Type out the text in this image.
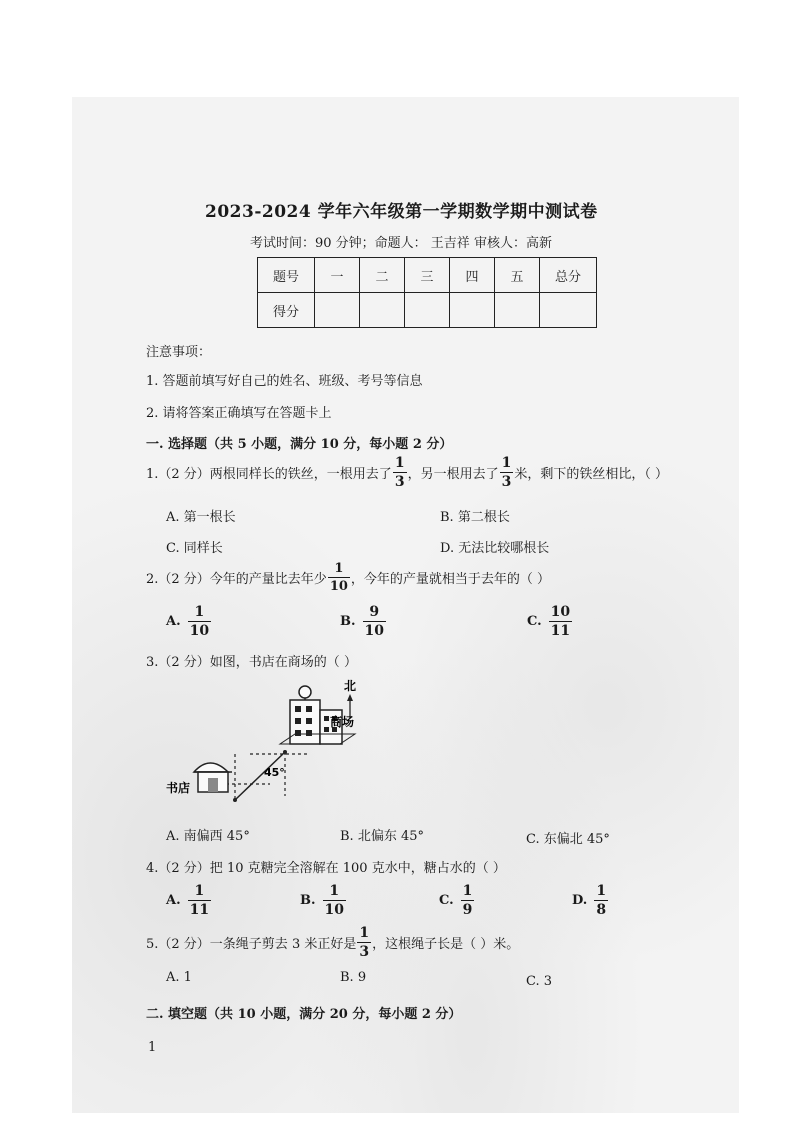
2023-2024 学年六年级第一学期数学期中测试卷
考试时间：90 分钟；命题人： 王吉祥 审核人：高新
题号	一	二	三	四	五	总分
得分						
注意事项：
1. 答题前填写好自己的姓名、班级、考号等信息
2. 请将答案正确填写在答题卡上
一. 选择题（共 5 小题，满分 10 分，每小题 2 分）
1.（2 分）两根同样长的铁丝，一根用去了 $\frac{1}{3}$ ，另一根用去了 $\frac{1}{3}$ 米，剩下的铁丝相比，（ ）
A. 第一根长	B. 第二根长
C. 同样长	D. 无法比较哪根长
2.（2 分）今年的产量比去年少 $\frac{1}{10}$ ，今年的产量就相当于去年的（ ）
A. $\frac{1}{10}$	B. $\frac{9}{10}$	C. $\frac{10}{11}$
3.（2 分）如图，书店在商场的（ ）
北
商场
45°
书店
A. 南偏西 45°	B. 北偏东 45°	C. 东偏北 45°
4.（2 分）把 10 克糖完全溶解在 100 克水中，糖占水的（ ）
A. $\frac{1}{11}$	B. $\frac{1}{10}$	C. $\frac{1}{9}$	D. $\frac{1}{8}$
5.（2 分）一条绳子剪去 3 米正好是 $\frac{1}{3}$ ，这根绳子长是（ ）米。
A. 1	B. 9	C. 3
二. 填空题（共 10 小题，满分 20 分，每小题 2 分）
1
